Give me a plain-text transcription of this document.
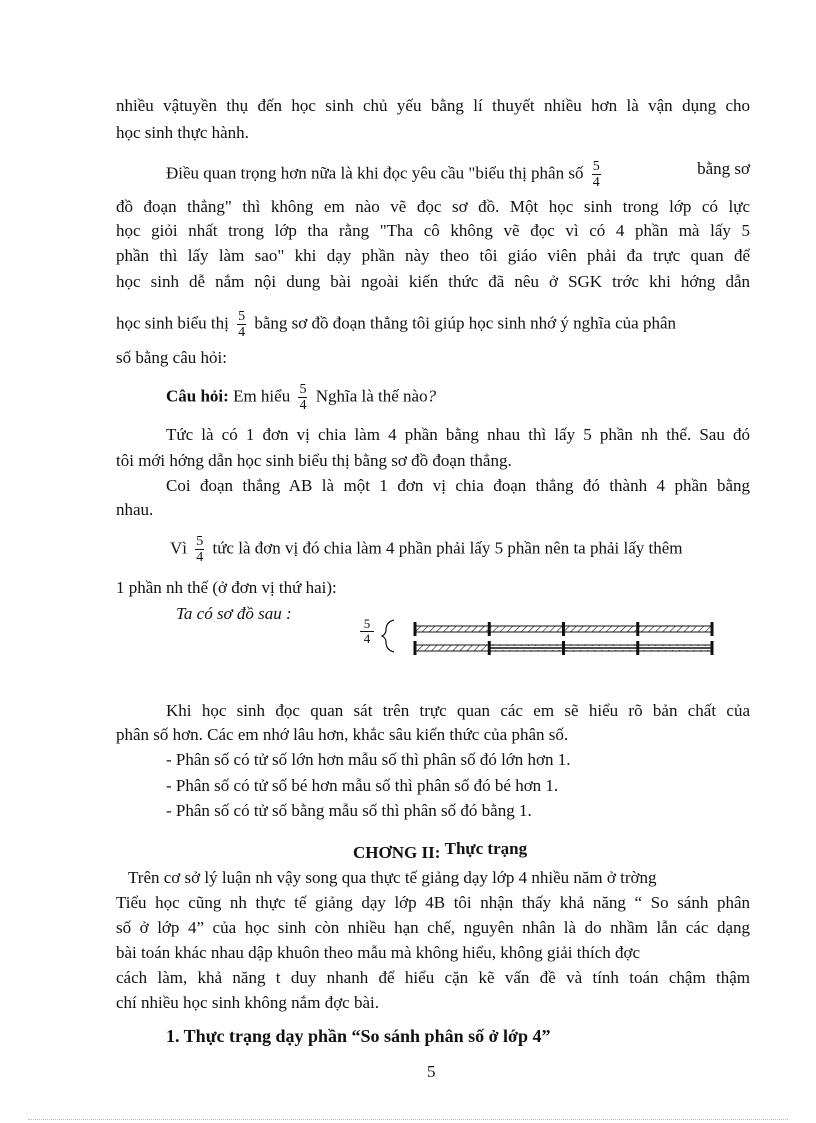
nhiều vậtuyền thụ đến học sinh chủ yếu bằng lí thuyết nhiều hơn là vận dụng cho
học sinh thực hành.
Điều quan trọng hơn nữa là khi đọc yêu cầu "biểu thị phân số $\frac{5}{4}$	bằng sơ
đồ đoạn thẳng" thì không em nào vẽ đọc sơ đồ. Một học sinh trong lớp có lực
học giỏi nhất trong lớp tha rằng "Tha cô không vẽ đọc vì có 4 phần mà lấy 5
phần thì lấy làm sao" khi dạy phần này theo tôi giáo viên phải đa trực quan để
học sinh dễ nắm nội dung bài ngoài kiến thức đã nêu ở SGK trớc khi hớng dẫn
học sinh biểu thị $\frac{5}{4}$ bằng sơ đồ đoạn thẳng tôi giúp học sinh nhớ ý nghĩa của phân
số bằng câu hỏi:
Câu hỏi: Em hiểu $\frac{5}{4}$ Nghĩa là thế nào?
Tức là có 1 đơn vị chia làm 4 phần bằng nhau thì lấy 5 phần nh thế. Sau đó
tôi mới hớng dẫn học sinh biểu thị bằng sơ đồ đoạn thẳng.
Coi đoạn thẳng AB là một 1 đơn vị chia đoạn thẳng đó thành 4 phần bằng
nhau.
Vì $\frac{5}{4}$ tức là đơn vị đó chia làm 4 phần phải lấy 5 phần nên ta phải lấy thêm
1 phần nh thế (ở đơn vị thứ hai):
Ta có sơ đồ sau :
$\frac{5}{4}$
Khi học sinh đọc quan sát trên trực quan các em sẽ hiểu rõ bản chất của
phân số hơn. Các em nhớ lâu hơn, khắc sâu kiến thức của phân số.
- Phân số có tử số lớn hơn mẫu số thì phân số đó lớn hơn 1.
- Phân số có tử số bé hơn mẫu số thì phân số đó bé hơn 1.
- Phân số có tử số bằng mẫu số thì phân số đó bằng 1.
CHƠNG II: Thực trạng
Trên cơ sở lý luận nh vậy song qua thực tế giảng dạy lớp 4 nhiều năm ở trờng
Tiểu học cũng nh thực tế giảng dạy lớp 4B tôi nhận thấy khả năng “ So sánh phân
số ở lớp 4” của học sinh còn nhiều hạn chế, nguyên nhân là do nhầm lẫn các dạng
bài toán khác nhau dập khuôn theo mẫu mà không hiểu, không giải thích đợc
cách làm, khả năng t duy nhanh để hiểu cặn kẽ vấn đề và tính toán chậm thậm
chí nhiều học sinh không nắm đợc bài.
1. Thực trạng dạy phần “So sánh phân số ở lớp 4”
5
